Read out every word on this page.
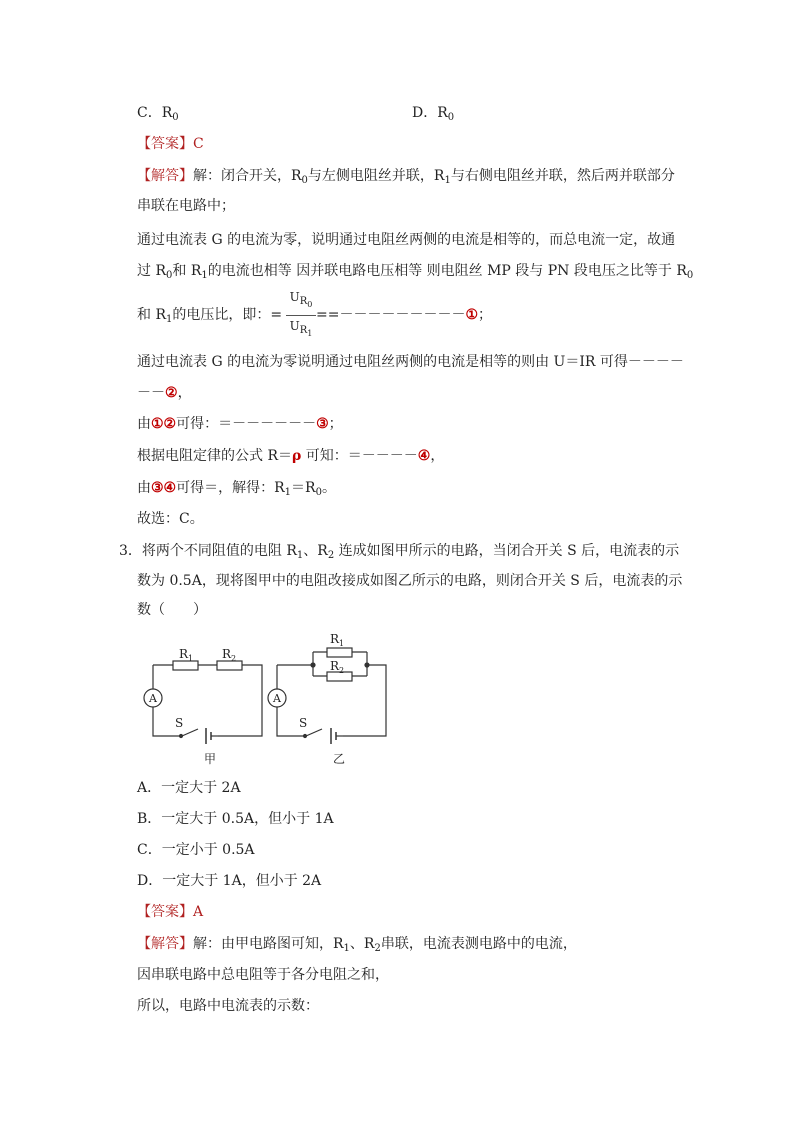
C．$R_0$	D．$R_0$
【答案】C
【解答】解：闭合开关，$R_0$与左侧电阻丝并联，$R_1$与右侧电阻丝并联，然后两并联部分
串联在电路中；
通过电流表 G 的电流为零，说明通过电阻丝两侧的电流是相等的，而总电流一定，故通
过 $R_0$和 $R_1$的电流也相等 因并联电路电压相等 则电阻丝 MP 段与 PN 段电压之比等于 $R_0$
和 $R_1$的电压比，即：=
$U_{R_0}$
$U_{R_1}$
==－－－－－－－－－①；
通过电流表 G 的电流为零说明通过电阻丝两侧的电流是相等的则由 U＝IR 可得－－－－
－－②，
由①②可得：＝－－－－－－③；
根据电阻定律的公式 R＝ρ 可知：＝－－－－④，
由③④可得＝，解得：$R_1=R_0$。
故选：C。
3．将两个不同阻值的电阻 $R_1$、$R_2$ 连成如图甲所示的电路，当闭合开关 S 后，电流表的示
数为 0.5A，现将图甲中的电阻改接成如图乙所示的电路，则闭合开关 S 后，电流表的示
数（　　）
$R_1$ $R_2$
A
S
甲
$R_1$
$R_2$
A
S
乙
A．一定大于 2A
B．一定大于 0.5A，但小于 1A
C．一定小于 0.5A
D．一定大于 1A，但小于 2A
【答案】A
【解答】解：由甲电路图可知，$R_1$、$R_2$串联，电流表测电路中的电流，
因串联电路中总电阻等于各分电阻之和，
所以，电路中电流表的示数：
